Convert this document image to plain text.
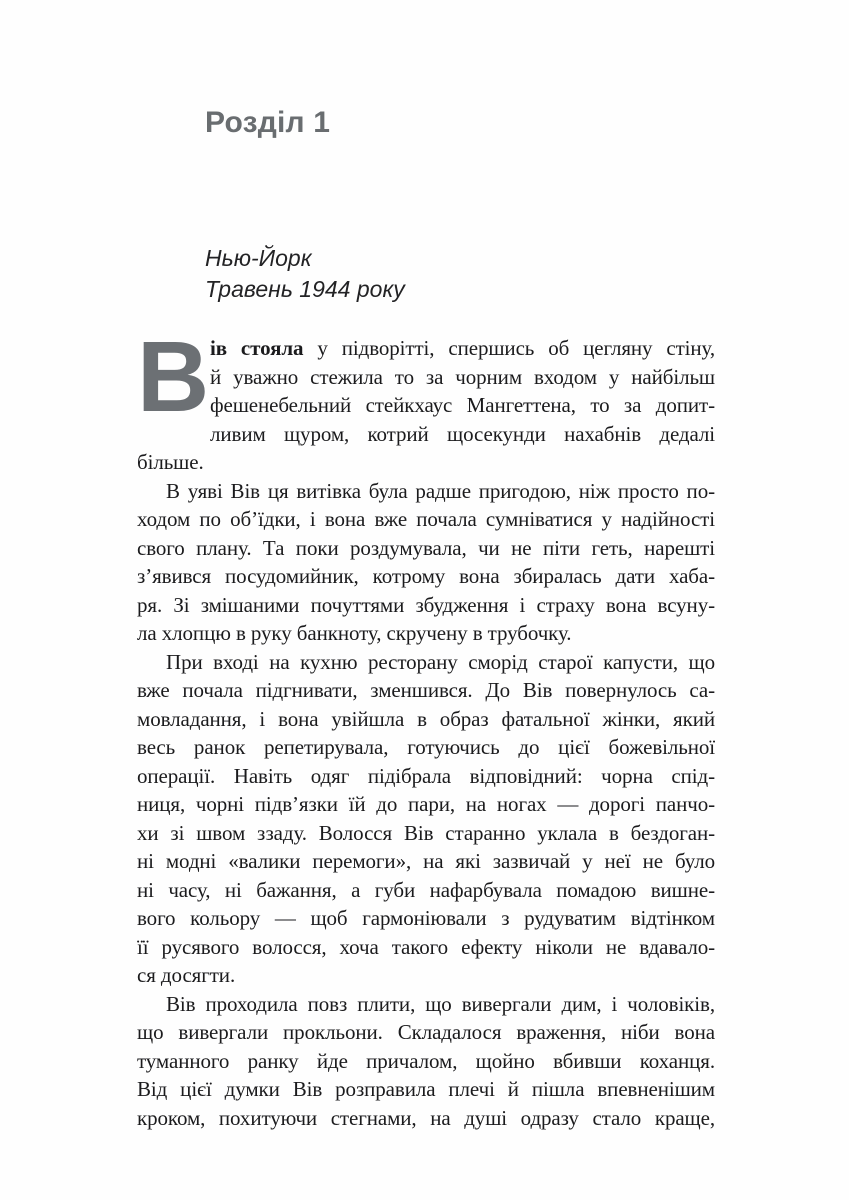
Розділ 1
Нью-Йорк
Травень 1944 року
В ів стояла у підворітті, спершись об цегляну стіну,
й уважно стежила то за чорним входом у найбільш
фешенебельний стейкхаус Мангеттена, то за допит-
ливим щуром, котрий щосекунди нахабнів дедалі більше.
В уяві Вів ця витівка була радше пригодою, ніж просто по-
ходом по об’їдки, і вона вже почала сумніватися у надійності
свого плану. Та поки роздумувала, чи не піти геть, нарешті
з’явився посудомийник, котрому вона збиралась дати хаба-
ря. Зі змішаними почуттями збудження і страху вона всуну-
ла хлопцю в руку банкноту, скручену в трубочку.
При вході на кухню ресторану сморід старої капусти, що
вже почала підгнивати, зменшився. До Вів повернулось са-
мовладання, і вона увійшла в образ фатальної жінки, який
весь ранок репетирувала, готуючись до цієї божевільної
операції. Навіть одяг підібрала відповідний: чорна спід-
ниця, чорні підв’язки їй до пари, на ногах — дорогі панчо-
хи зі швом ззаду. Волосся Вів старанно уклала в бездоган-
ні модні «валики перемоги», на які зазвичай у неї не було
ні часу, ні бажання, а губи нафарбувала помадою вишне-
вого кольору — щоб гармоніювали з рудуватим відтінком
її русявого волосся, хоча такого ефекту ніколи не вдавало-
ся досягти.
Вів проходила повз плити, що вивергали дим, і чоловіків,
що вивергали прокльони. Складалося враження, ніби вона
туманного ранку йде причалом, щойно вбивши коханця.
Від цієї думки Вів розправила плечі й пішла впевненішим
кроком, похитуючи стегнами, на душі одразу стало краще,
